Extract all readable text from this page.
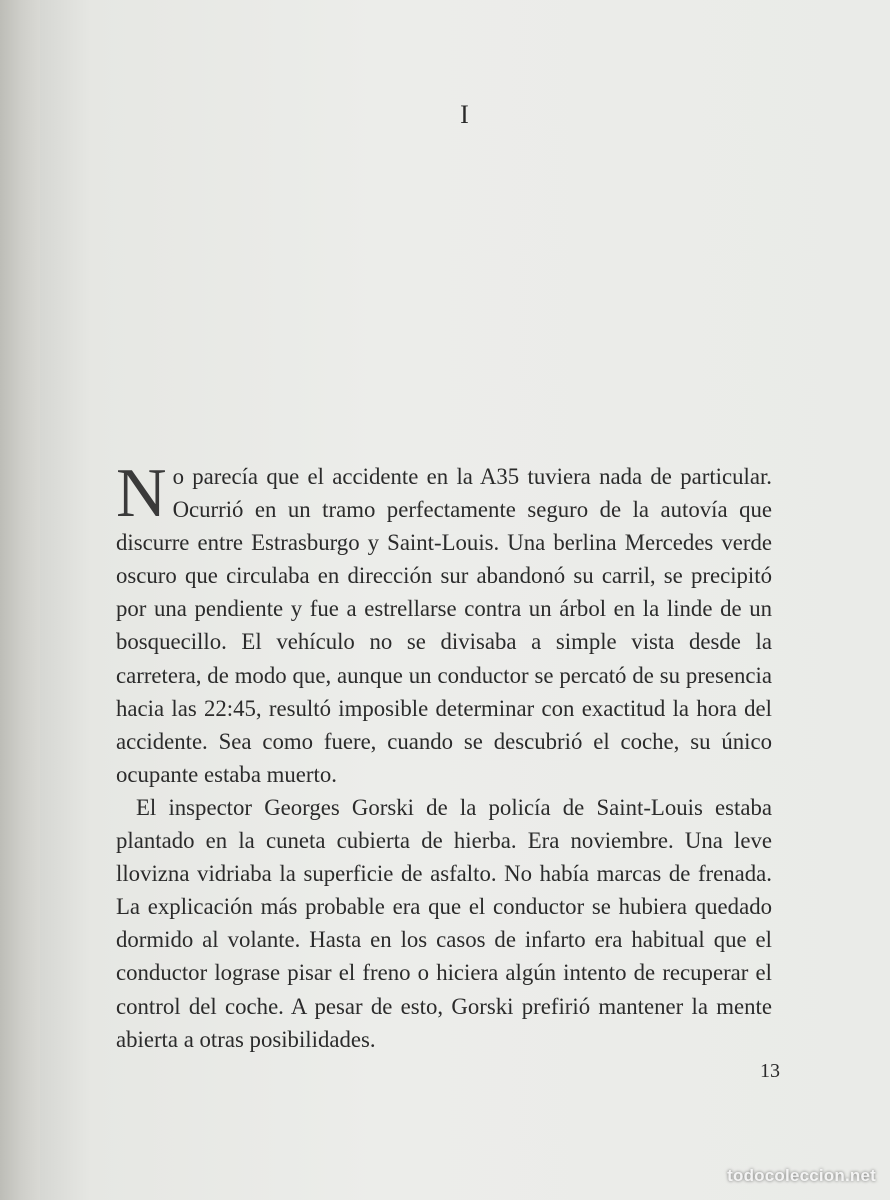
I

No parecía que el accidente en la A35 tuviera nada de particular. Ocurrió en un tramo perfectamente seguro de la autovía que discurre entre Estrasburgo y Saint-Louis. Una berlina Mercedes verde oscuro que circulaba en dirección sur abandonó su carril, se precipitó por una pendiente y fue a estrellarse contra un árbol en la linde de un bosquecillo. El vehículo no se divisaba a simple vista desde la carretera, de modo que, aunque un conductor se percató de su presencia hacia las 22:45, resultó imposible determinar con exactitud la hora del accidente. Sea como fuere, cuando se descubrió el coche, su único ocupante estaba muerto.

El inspector Georges Gorski de la policía de Saint-Louis estaba plantado en la cuneta cubierta de hierba. Era noviembre. Una leve llovizna vidriaba la superficie de asfalto. No había marcas de frenada. La explicación más probable era que el conductor se hubiera quedado dormido al volante. Hasta en los casos de infarto era habitual que el conductor lograse pisar el freno o hiciera algún intento de recuperar el control del coche. A pesar de esto, Gorski prefirió mantener la mente abierta a otras posibilidades.

13
todocoleccion.net
